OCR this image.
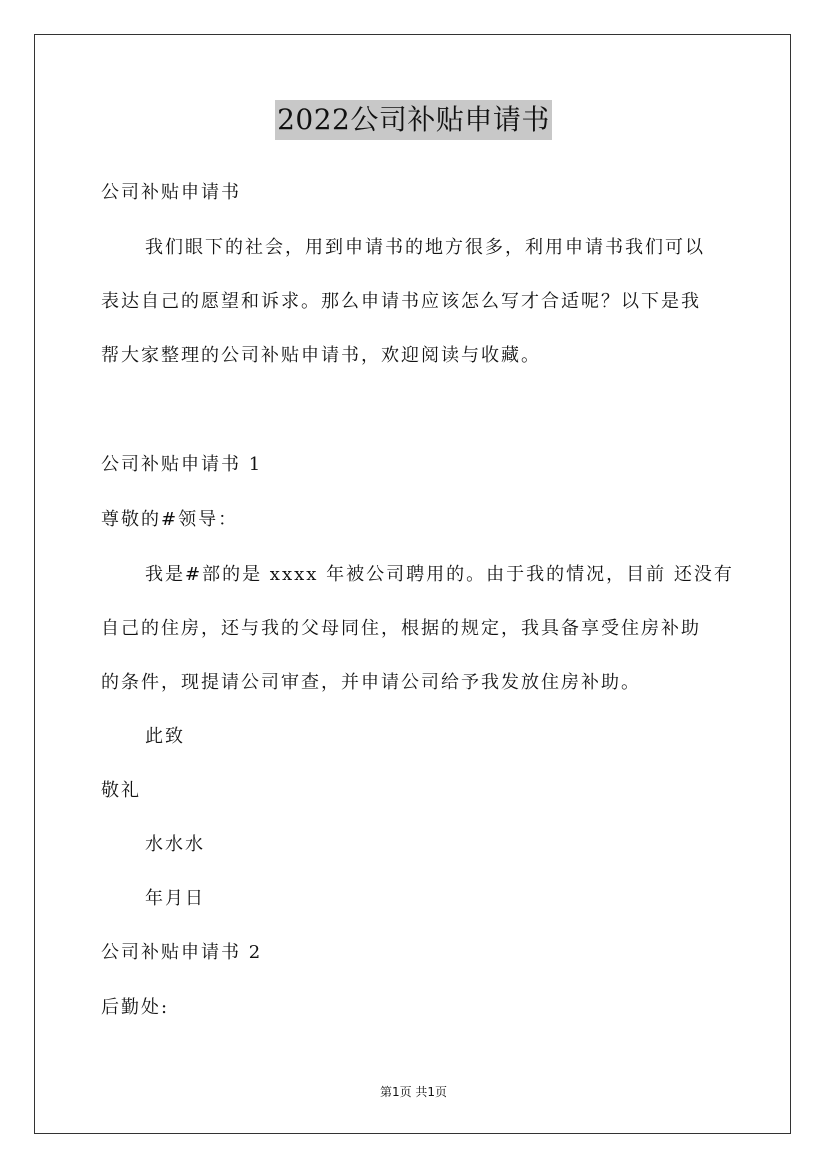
2022公司补贴申请书
公司补贴申请书
我们眼下的社会，用到申请书的地方很多，利用申请书我们可以
表达自己的愿望和诉求。那么申请书应该怎么写才合适呢？以下是我
帮大家整理的公司补贴申请书，欢迎阅读与收藏。
公司补贴申请书 1
尊敬的#领导：
我是#部的是 xxxx 年被公司聘用的。由于我的情况，目前 还没有
自己的住房，还与我的父母同住，根据的规定，我具备享受住房补助
的条件，现提请公司审查，并申请公司给予我发放住房补助。
此致
敬礼
水水水
年月日
公司补贴申请书 2
后勤处:
第1页 共1页
